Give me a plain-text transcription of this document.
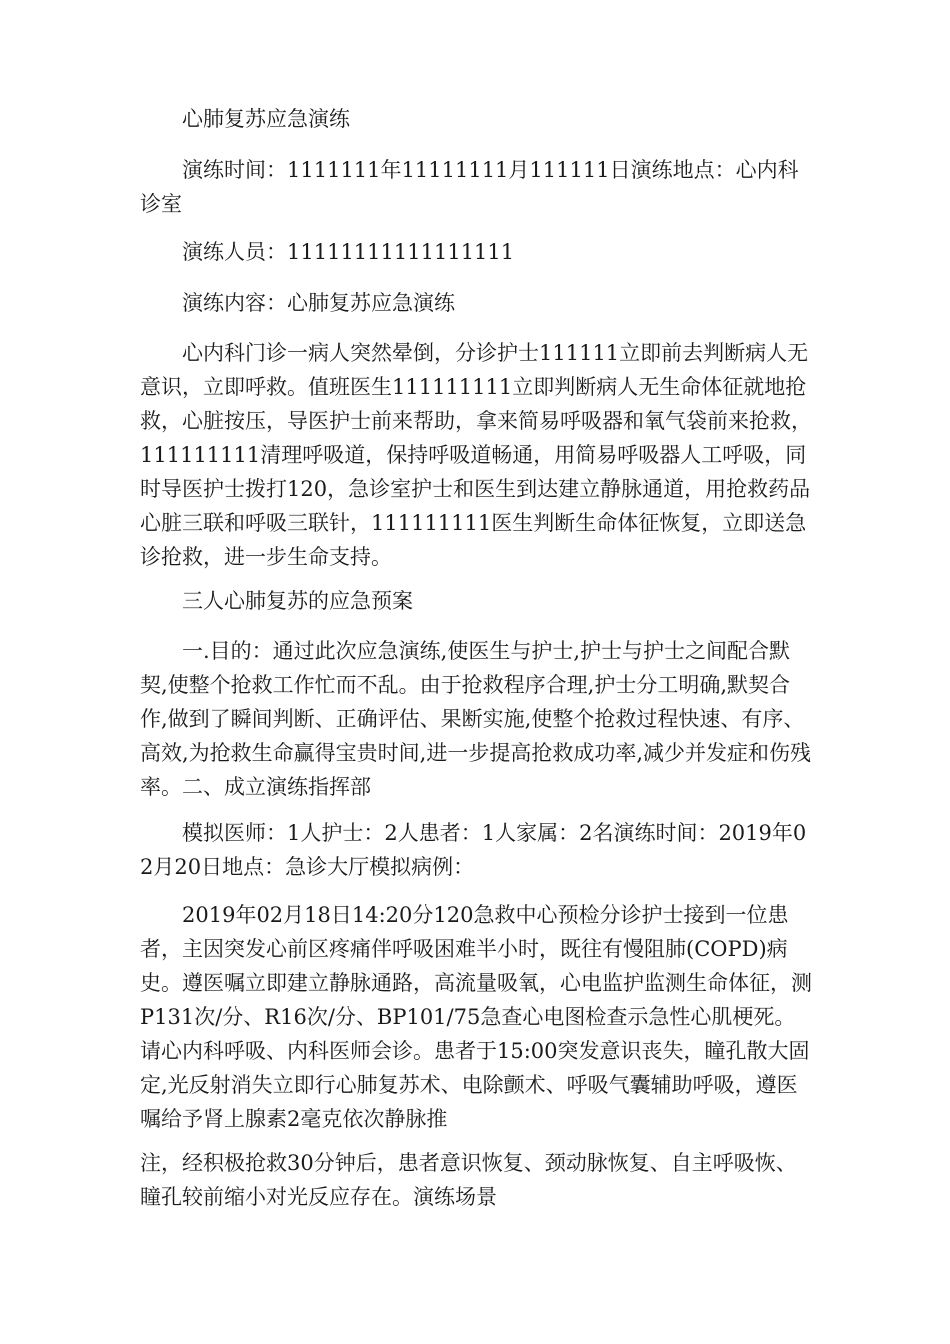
心肺复苏应急演练

演练时间：1111111年11111111月111111日演练地点：心内科诊室

演练人员：11111111111111111

演练内容：心肺复苏应急演练

心内科门诊一病人突然晕倒，分诊护士111111立即前去判断病人无意识，立即呼救。值班医生111111111立即判断病人无生命体征就地抢救，心脏按压，导医护士前来帮助，拿来简易呼吸器和氧气袋前来抢救，111111111清理呼吸道，保持呼吸道畅通，用简易呼吸器人工呼吸，同时导医护士拨打120，急诊室护士和医生到达建立静脉通道，用抢救药品心脏三联和呼吸三联针，111111111医生判断生命体征恢复，立即送急诊抢救，进一步生命支持。

三人心肺复苏的应急预案

一.目的：通过此次应急演练,使医生与护士,护士与护士之间配合默契,使整个抢救工作忙而不乱。由于抢救程序合理,护士分工明确,默契合作,做到了瞬间判断、正确评估、果断实施,使整个抢救过程快速、有序、高效,为抢救生命赢得宝贵时间,进一步提高抢救成功率,减少并发症和伤残率。二、成立演练指挥部

模拟医师：1人护士：2人患者：1人家属：2名演练时间：2019年02月20日地点：急诊大厅模拟病例：

2019年02月18日14:20分120急救中心预检分诊护士接到一位患者，主因突发心前区疼痛伴呼吸困难半小时，既往有慢阻肺(COPD)病史。遵医嘱立即建立静脉通路，高流量吸氧，心电监护监测生命体征，测P131次/分、R16次/分、BP101/75急查心电图检查示急性心肌梗死。请心内科呼吸、内科医师会诊。患者于15:00突发意识丧失，瞳孔散大固定,光反射消失立即行心肺复苏术、电除颤术、呼吸气囊辅助呼吸，遵医嘱给予肾上腺素2毫克依次静脉推

注，经积极抢救30分钟后，患者意识恢复、颈动脉恢复、自主呼吸恢、瞳孔较前缩小对光反应存在。演练场景
